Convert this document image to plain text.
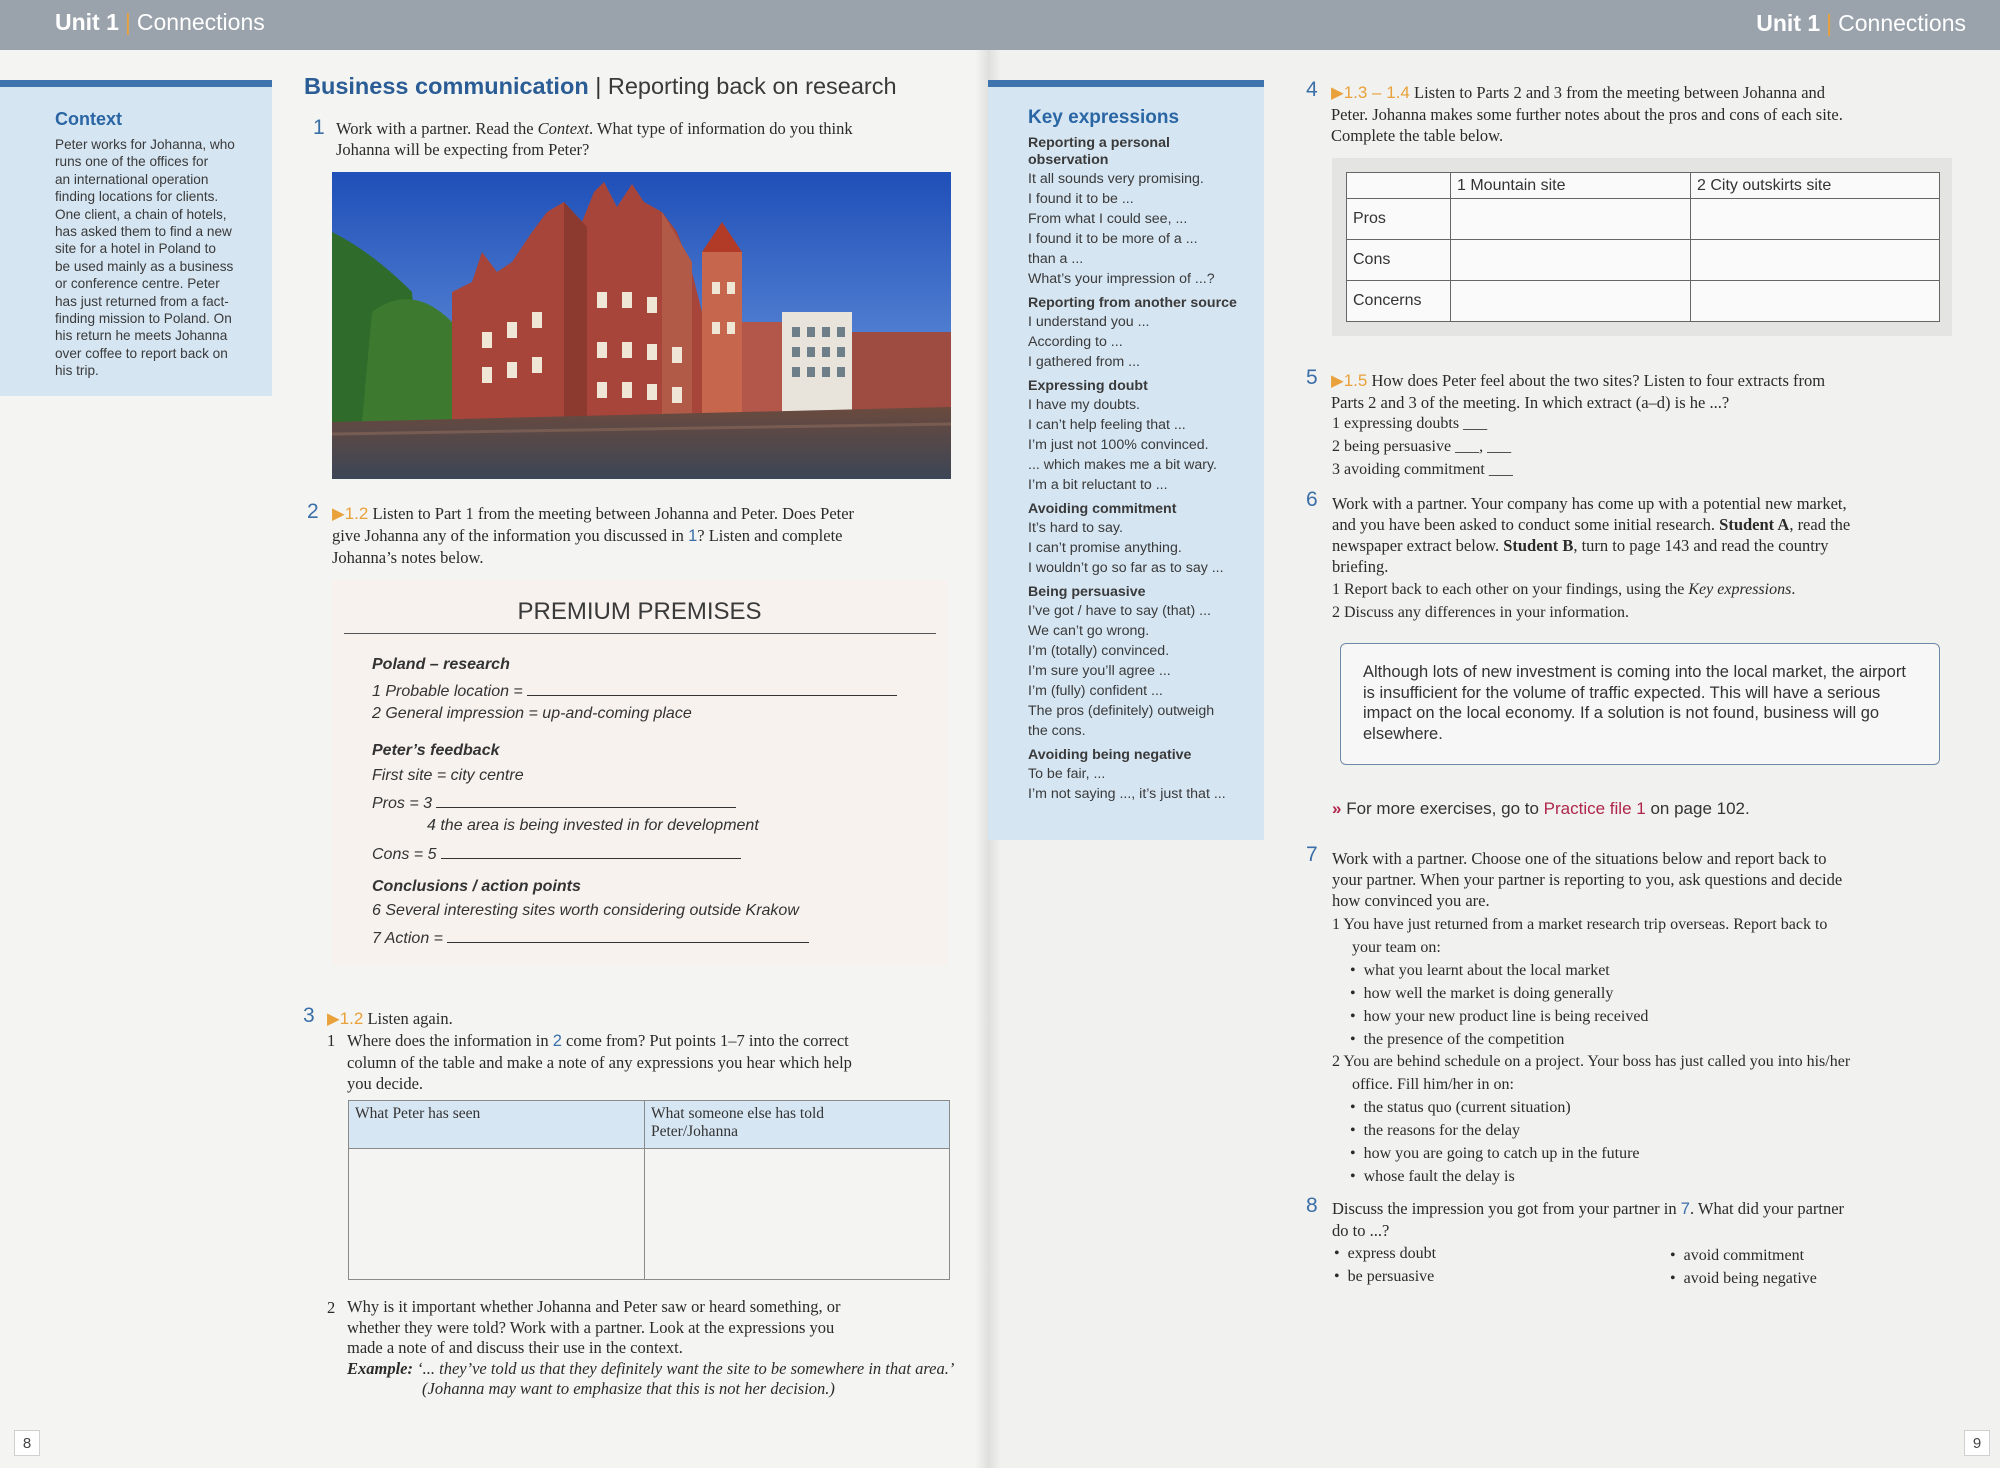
Unit 1 | Connections	Unit 1 | Connections
Context

Peter works for Johanna, who
runs one of the offices for
an international operation
finding locations for clients.
One client, a chain of hotels,
has asked them to find a new
site for a hotel in Poland to
be used mainly as a business
or conference centre. Peter
has just returned from a fact-
finding mission to Poland. On
his return he meets Johanna
over coffee to report back on
his trip.

Business communication | Reporting back on research
1 Work with a partner. Read the Context. What type of information do you think
Johanna will be expecting from Peter?
2 ▶1.2 Listen to Part 1 from the meeting between Johanna and Peter. Does Peter
give Johanna any of the information you discussed in 1? Listen and complete
Johanna’s notes below.
PREMIUM PREMISES
Poland – research
1 Probable location =
2 General impression = up-and-coming place
Peter’s feedback
First site = city centre
Pros = 3
4 the area is being invested in for development
Cons = 5
Conclusions / action points
6 Several interesting sites worth considering outside Krakow
7 Action =
3 ▶1.2 Listen again.
1 Where does the information in 2 come from? Put points 1–7 into the correct
column of the table and make a note of any expressions you hear which help
you decide.
What Peter has seen	What someone else has told
Peter/Johanna

2 Why is it important whether Johanna and Peter saw or heard something, or
whether they were told? Work with a partner. Look at the expressions you
made a note of and discuss their use in the context.
Example: ‘... they’ve told us that they definitely want the site to be somewhere in that area.’
(Johanna may want to emphasize that this is not her decision.)
8
Key expressions
Reporting a personal observation
It all sounds very promising.
I found it to be ...
From what I could see, ...
I found it to be more of a ...
than a ...
What’s your impression of ...?
Reporting from another source
I understand you ...
According to ...
I gathered from ...
Expressing doubt
I have my doubts.
I can’t help feeling that ...
I’m just not 100% convinced.
... which makes me a bit wary.
I’m a bit reluctant to ...
Avoiding commitment
It’s hard to say.
I can’t promise anything.
I wouldn’t go so far as to say ...
Being persuasive
I’ve got / have to say (that) ...
We can’t go wrong.
I’m (totally) convinced.
I’m sure you’ll agree ...
I’m (fully) confident ...
The pros (definitely) outweigh
the cons.
Avoiding being negative
To be fair, ...
I’m not saying ..., it’s just that ...
4 ▶1.3 – 1.4 Listen to Parts 2 and 3 from the meeting between Johanna and
Peter. Johanna makes some further notes about the pros and cons of each site.
Complete the table below.
	1 Mountain site	2 City outskirts site
Pros		
Cons		
Concerns		
5 ▶1.5 How does Peter feel about the two sites? Listen to four extracts from
Parts 2 and 3 of the meeting. In which extract (a–d) is he ...?
1 expressing doubts ___
2 being persuasive ___, ___
3 avoiding commitment ___
6 Work with a partner. Your company has come up with a potential new market,
and you have been asked to conduct some initial research. Student A, read the
newspaper extract below. Student B, turn to page 143 and read the country
briefing.
1 Report back to each other on your findings, using the Key expressions.
2 Discuss any differences in your information.
Although lots of new investment is coming into the local market, the airport is insufficient for the volume of traffic expected. This will have a serious impact on the local economy. If a solution is not found, business will go elsewhere.
» For more exercises, go to Practice file 1 on page 102.
7 Work with a partner. Choose one of the situations below and report back to
your partner. When your partner is reporting to you, ask questions and decide
how convinced you are.
1 You have just returned from a market research trip overseas. Report back to
your team on:
•  what you learnt about the local market
•  how well the market is doing generally
•  how your new product line is being received
•  the presence of the competition
2 You are behind schedule on a project. Your boss has just called you into his/her
office. Fill him/her in on:
•  the status quo (current situation)
•  the reasons for the delay
•  how you are going to catch up in the future
•  whose fault the delay is
8 Discuss the impression you got from your partner in 7. What did your partner
do to ...?
•  express doubt
•  be persuasive
•  avoid commitment
•  avoid being negative
9
